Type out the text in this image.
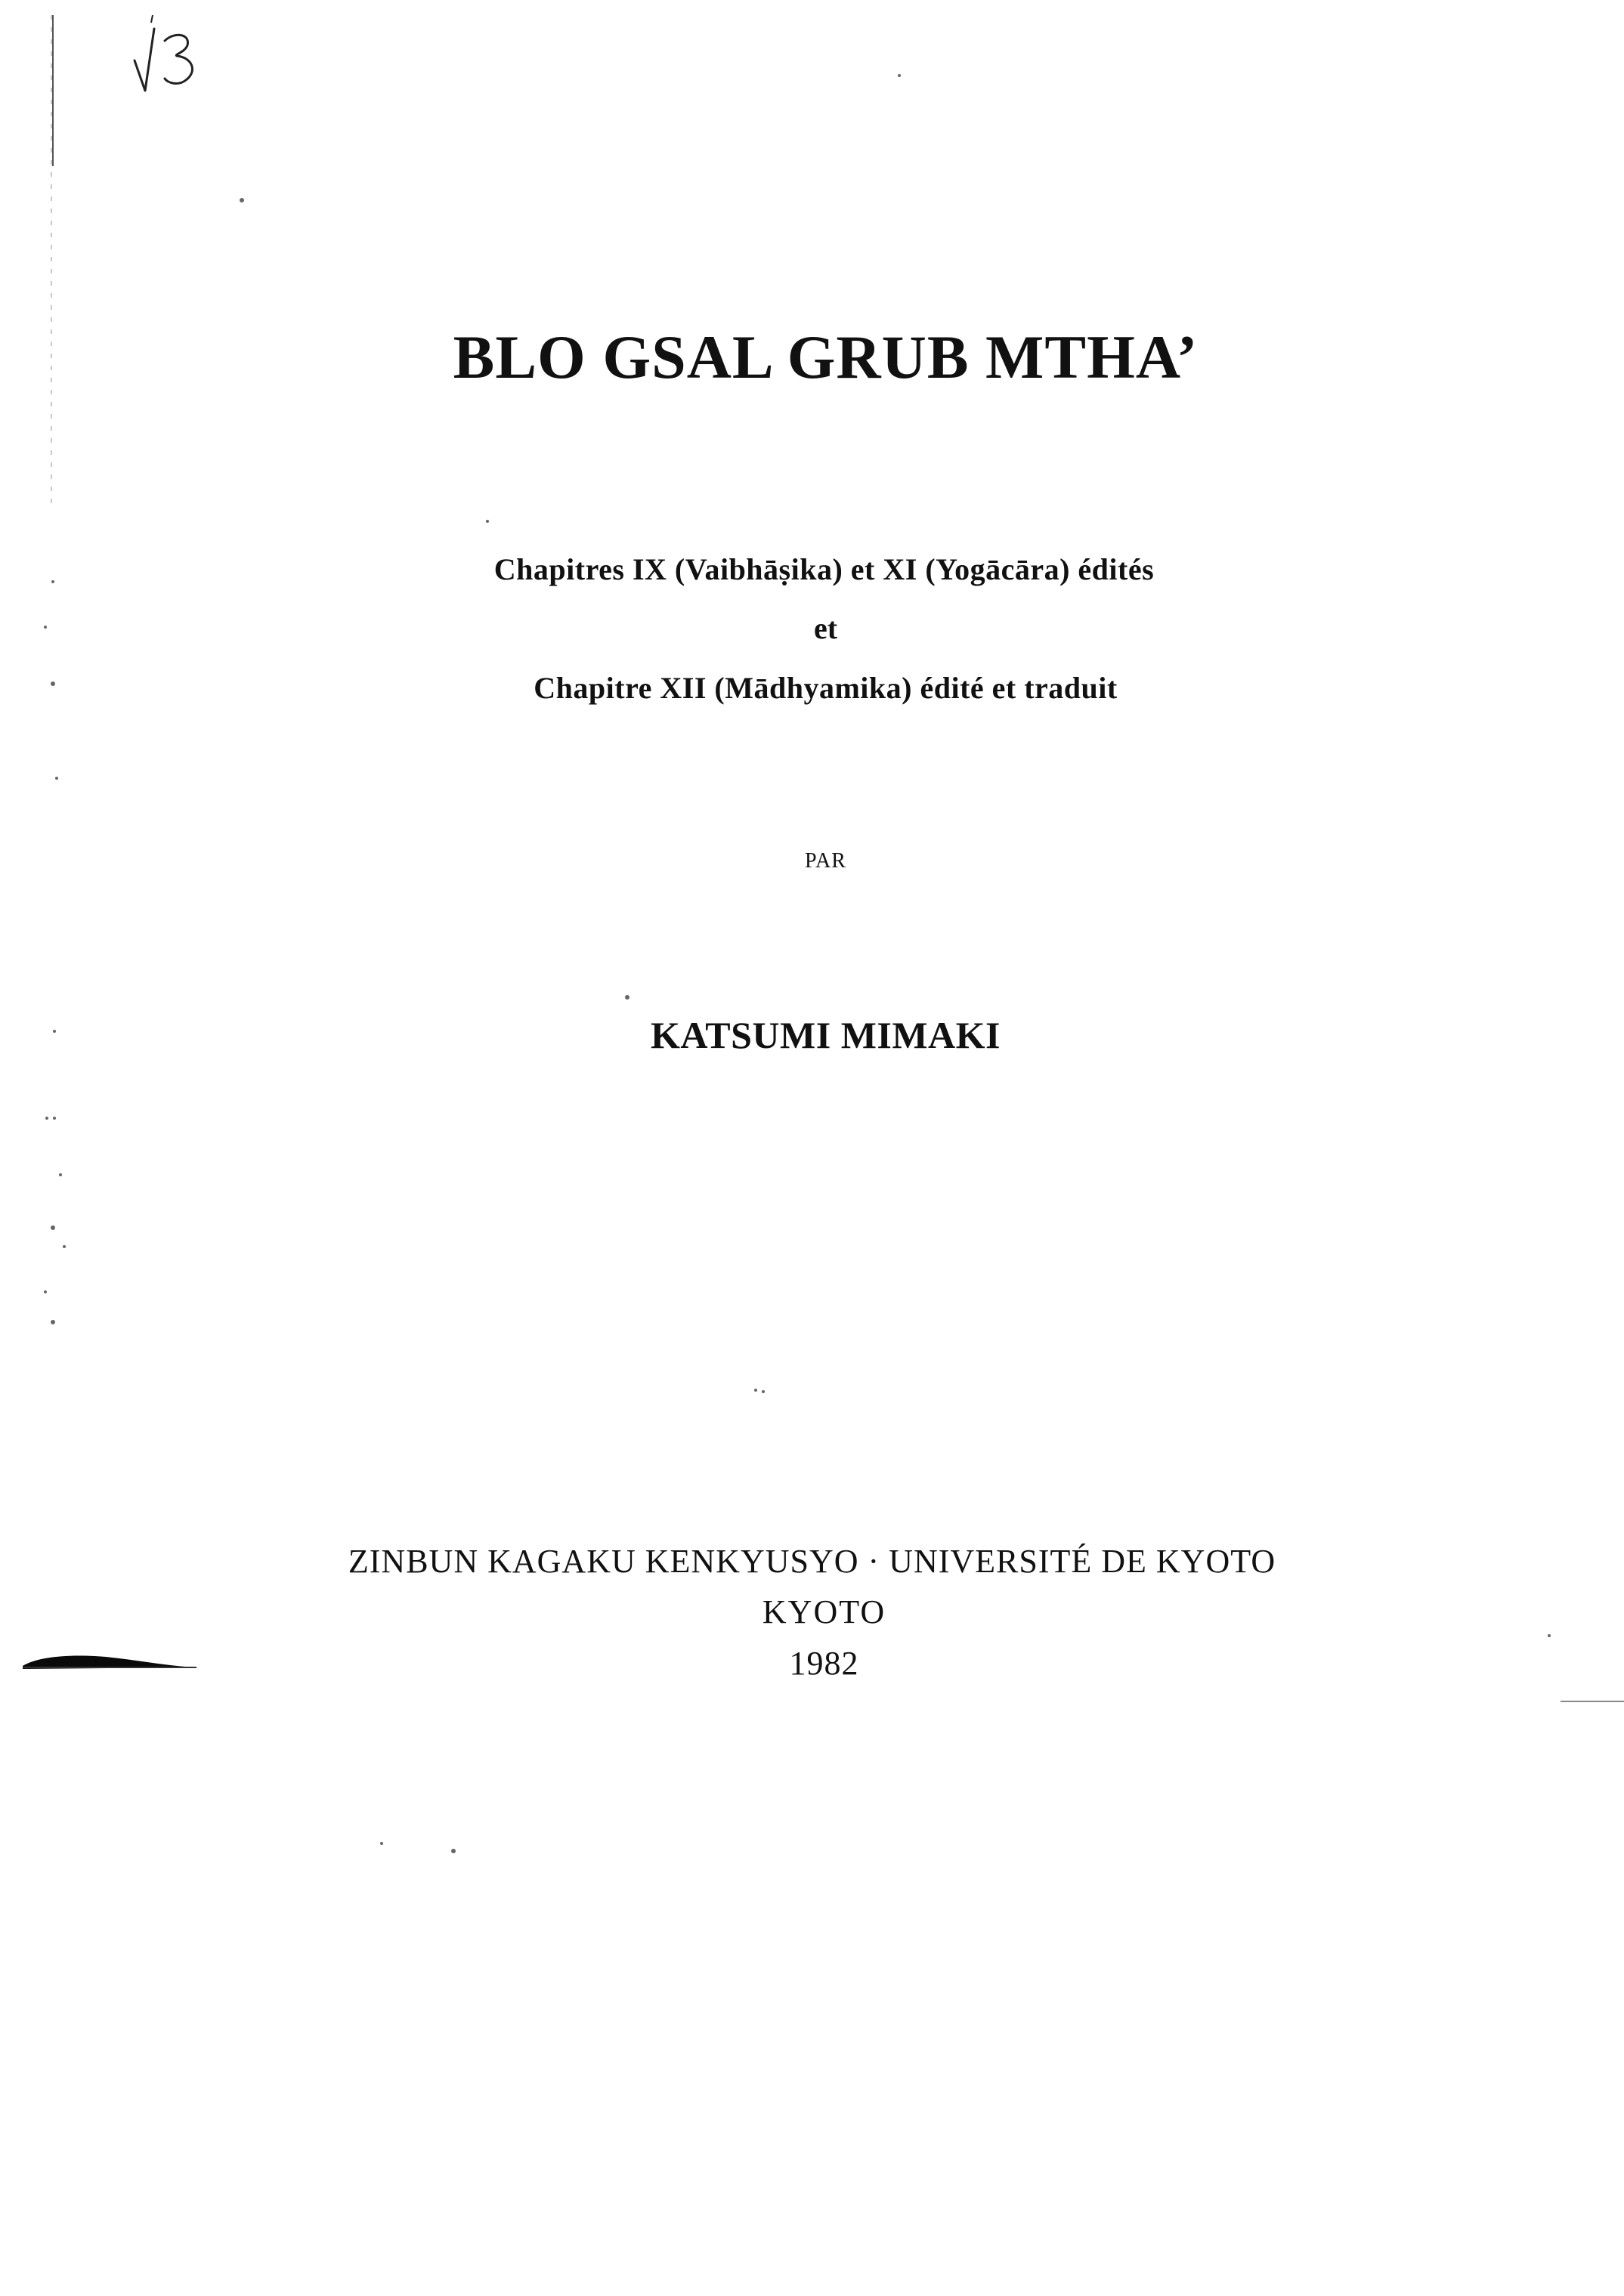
BLO GSAL GRUB MTHA’
Chapitres IX (Vaibhāṣika) et XI (Yogācāra) édités
et
Chapitre XII (Mādhyamika) édité et traduit
PAR
KATSUMI MIMAKI
ZINBUN KAGAKU KENKYUSYO · UNIVERSITÉ DE KYOTO
KYOTO
1982
